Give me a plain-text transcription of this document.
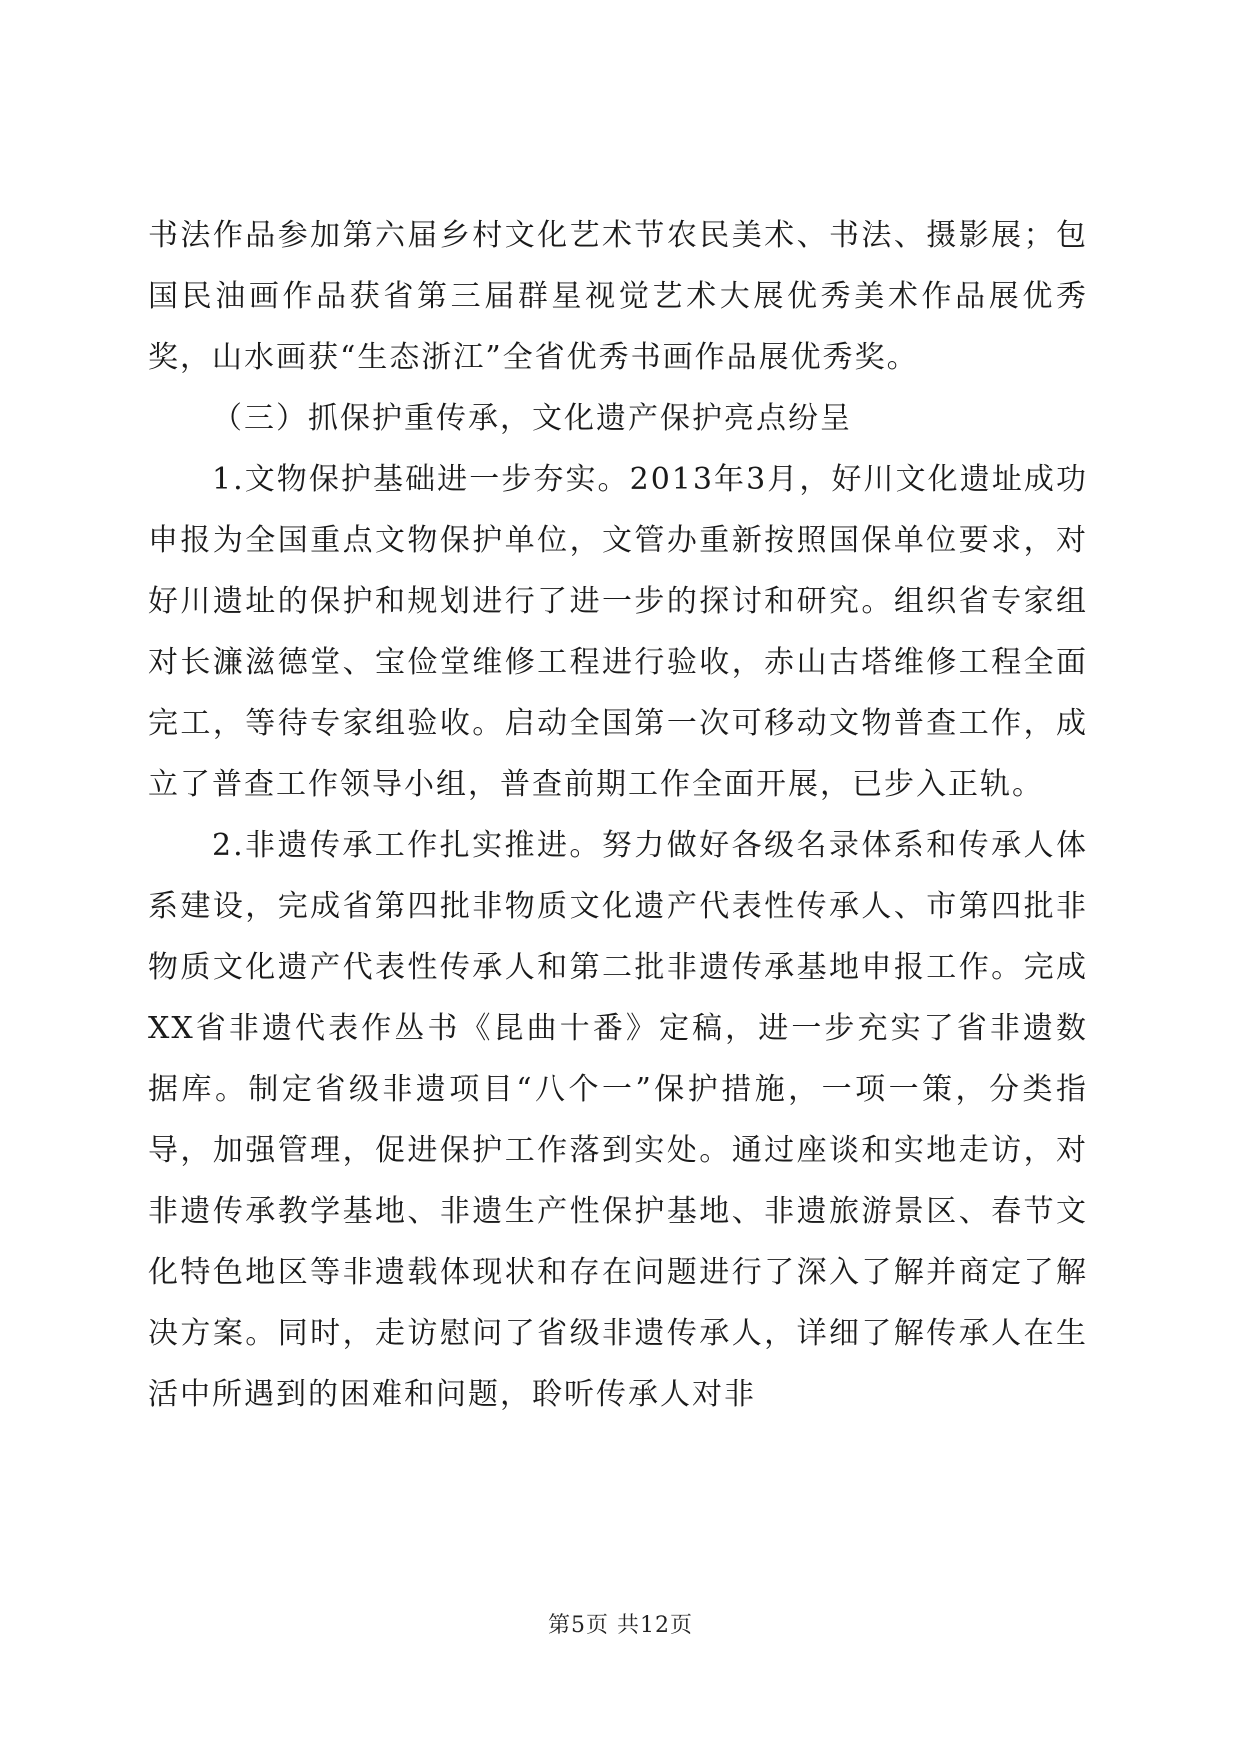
书法作品参加第六届乡村文化艺术节农民美术、书法、摄影展；包国民油画作品获省第三届群星视觉艺术大展优秀美术作品展优秀奖，山水画获“生态浙江”全省优秀书画作品展优秀奖。

（三）抓保护重传承，文化遗产保护亮点纷呈

1.文物保护基础进一步夯实。2013年3月，好川文化遗址成功申报为全国重点文物保护单位，文管办重新按照国保单位要求，对好川遗址的保护和规划进行了进一步的探讨和研究。组织省专家组对长濂滋德堂、宝俭堂维修工程进行验收，赤山古塔维修工程全面完工，等待专家组验收。启动全国第一次可移动文物普查工作，成立了普查工作领导小组，普查前期工作全面开展，已步入正轨。

2.非遗传承工作扎实推进。努力做好各级名录体系和传承人体系建设，完成省第四批非物质文化遗产代表性传承人、市第四批非物质文化遗产代表性传承人和第二批非遗传承基地申报工作。完成XX省非遗代表作丛书《昆曲十番》定稿，进一步充实了省非遗数据库。制定省级非遗项目“八个一”保护措施，一项一策，分类指导，加强管理，促进保护工作落到实处。通过座谈和实地走访，对非遗传承教学基地、非遗生产性保护基地、非遗旅游景区、春节文化特色地区等非遗载体现状和存在问题进行了深入了解并商定了解决方案。同时，走访慰问了省级非遗传承人，详细了解传承人在生活中所遇到的困难和问题，聆听传承人对非

第5页 共12页
